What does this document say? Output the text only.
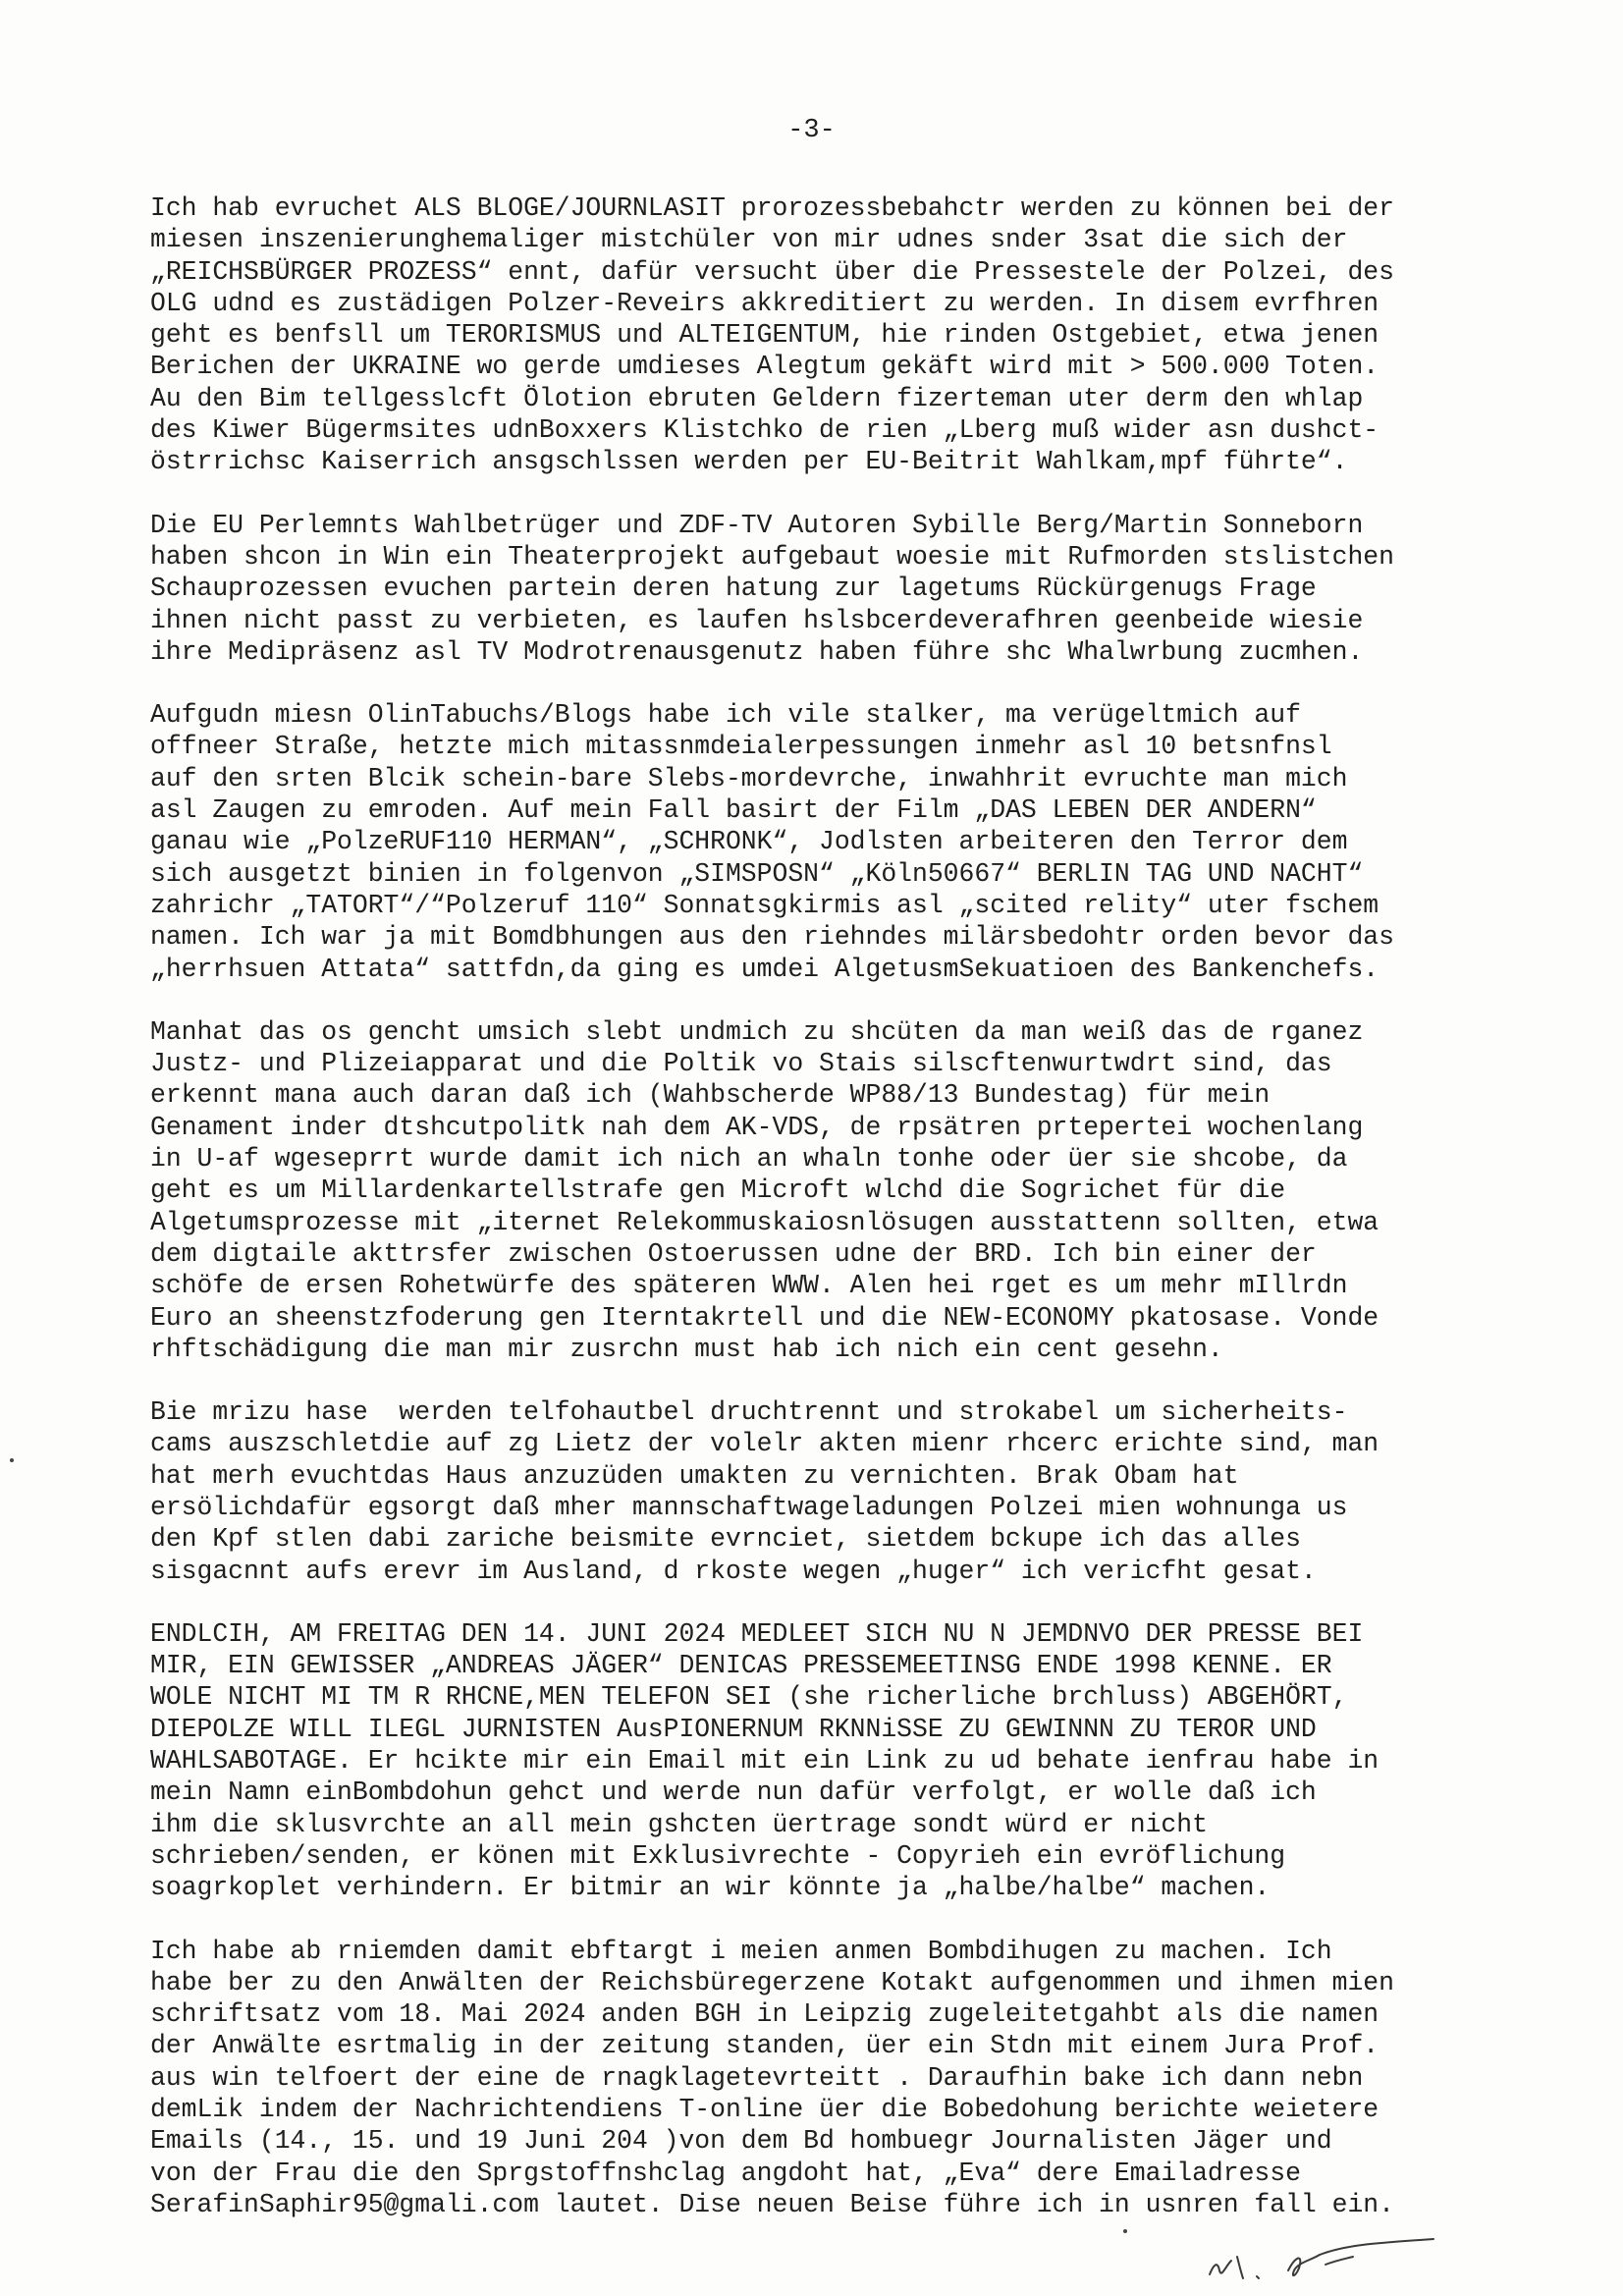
-3-
Ich hab evruchet ALS BLOGE/JOURNLASIT prorozessbebahctr werden zu können bei der
miesen inszenierunghemaliger mistchüler von mir udnes snder 3sat die sich der
„REICHSBÜRGER PROZESS“ ennt, dafür versucht über die Pressestele der Polzei, des
OLG udnd es zustädigen Polzer-Reveirs akkreditiert zu werden. In disem evrfhren
geht es benfsll um TERORISMUS und ALTEIGENTUM, hie rinden Ostgebiet, etwa jenen
Berichen der UKRAINE wo gerde umdieses Alegtum gekäft wird mit > 500.000 Toten.
Au den Bim tellgesslcft Ölotion ebruten Geldern fizerteman uter derm den whlap
des Kiwer Bügermsites udnBoxxers Klistchko de rien „Lberg muß wider asn dushct-
östrrichsc Kaiserrich ansgschlssen werden per EU-Beitrit Wahlkam,mpf führte“.
Die EU Perlemnts Wahlbetrüger und ZDF-TV Autoren Sybille Berg/Martin Sonneborn
haben shcon in Win ein Theaterprojekt aufgebaut woesie mit Rufmorden stslistchen
Schauprozessen evuchen partein deren hatung zur lagetums Rückürgenugs Frage
ihnen nicht passt zu verbieten, es laufen hslsbcerdeverafhren geenbeide wiesie
ihre Medipräsenz asl TV Modrotrenausgenutz haben führe shc Whalwrbung zucmhen.
Aufgudn miesn OlinTabuchs/Blogs habe ich vile stalker, ma verügeltmich auf
offneer Straße, hetzte mich mitassnmdeialerpessungen inmehr asl 10 betsnfnsl
auf den srten Blcik schein-bare Slebs-mordevrche, inwahhrit evruchte man mich
asl Zaugen zu emroden. Auf mein Fall basirt der Film „DAS LEBEN DER ANDERN“
ganau wie „PolzeRUF110 HERMAN“, „SCHRONK“, Jodlsten arbeiteren den Terror dem
sich ausgetzt binien in folgenvon „SIMSPOSN“ „Köln50667“ BERLIN TAG UND NACHT“
zahrichr „TATORT“/“Polzeruf 110“ Sonnatsgkirmis asl „scited relity“ uter fschem
namen. Ich war ja mit Bomdbhungen aus den riehndes milärsbedohtr orden bevor das
„herrhsuen Attata“ sattfdn,da ging es umdei AlgetusmSekuatioen des Bankenchefs.
Manhat das os gencht umsich slebt undmich zu shcüten da man weiß das de rganez
Justz- und Plizeiapparat und die Poltik vo Stais silscftenwurtwdrt sind, das
erkennt mana auch daran daß ich (Wahbscherde WP88/13 Bundestag) für mein
Genament inder dtshcutpolitk nah dem AK-VDS, de rpsätren prtepertei wochenlang
in U-af wgeseprrt wurde damit ich nich an whaln tonhe oder üer sie shcobe, da
geht es um Millardenkartellstrafe gen Microft wlchd die Sogrichet für die
Algetumsprozesse mit „iternet Relekommuskaiosnlösugen ausstattenn sollten, etwa
dem digtaile akttrsfer zwischen Ostoerussen udne der BRD. Ich bin einer der
schöfe de ersen Rohetwürfe des späteren WWW. Alen hei rget es um mehr mIllrdn
Euro an sheenstzfoderung gen Iterntakrtell und die NEW-ECONOMY pkatosase. Vonde
rhftschädigung die man mir zusrchn must hab ich nich ein cent gesehn.
Bie mrizu hase  werden telfohautbel druchtrennt und strokabel um sicherheits-
cams auszschletdie auf zg Lietz der volelr akten mienr rhcerc erichte sind, man
hat merh evuchtdas Haus anzuzüden umakten zu vernichten. Brak Obam hat
ersölichdafür egsorgt daß mher mannschaftwageladungen Polzei mien wohnunga us
den Kpf stlen dabi zariche beismite evrnciet, sietdem bckupe ich das alles
sisgacnnt aufs erevr im Ausland, d rkoste wegen „huger“ ich vericfht gesat.
ENDLCIH, AM FREITAG DEN 14. JUNI 2024 MEDLEET SICH NU N JEMDNVO DER PRESSE BEI
MIR, EIN GEWISSER „ANDREAS JÄGER“ DENICAS PRESSEMEETINSG ENDE 1998 KENNE. ER
WOLE NICHT MI TM R RHCNE,MEN TELEFON SEI (she richerliche brchluss) ABGEHÖRT,
DIEPOLZE WILL ILEGL JURNISTEN AusPIONERNUM RKNNiSSE ZU GEWINNN ZU TEROR UND
WAHLSABOTAGE. Er hcikte mir ein Email mit ein Link zu ud behate ienfrau habe in
mein Namn einBombdohun gehct und werde nun dafür verfolgt, er wolle daß ich
ihm die sklusvrchte an all mein gshcten üertrage sondt würd er nicht
schrieben/senden, er könen mit Exklusivrechte - Copyrieh ein evröflichung
soagrkoplet verhindern. Er bitmir an wir könnte ja „halbe/halbe“ machen.
Ich habe ab rniemden damit ebftargt i meien anmen Bombdihugen zu machen. Ich
habe ber zu den Anwälten der Reichsbüregerzene Kotakt aufgenommen und ihmen mien
schriftsatz vom 18. Mai 2024 anden BGH in Leipzig zugeleitetgahbt als die namen
der Anwälte esrtmalig in der zeitung standen, üer ein Stdn mit einem Jura Prof.
aus win telfoert der eine de rnagklagetevrteitt . Daraufhin bake ich dann nebn
demLik indem der Nachrichtendiens T-online üer die Bobedohung berichte weietere
Emails (14., 15. und 19 Juni 204 )von dem Bd hombuegr Journalisten Jäger und
von der Frau die den Sprgstoffnshclag angdoht hat, „Eva“ dere Emailadresse
SerafinSaphir95@gmali.com lautet. Dise neuen Beise führe ich in usnren fall ein.
